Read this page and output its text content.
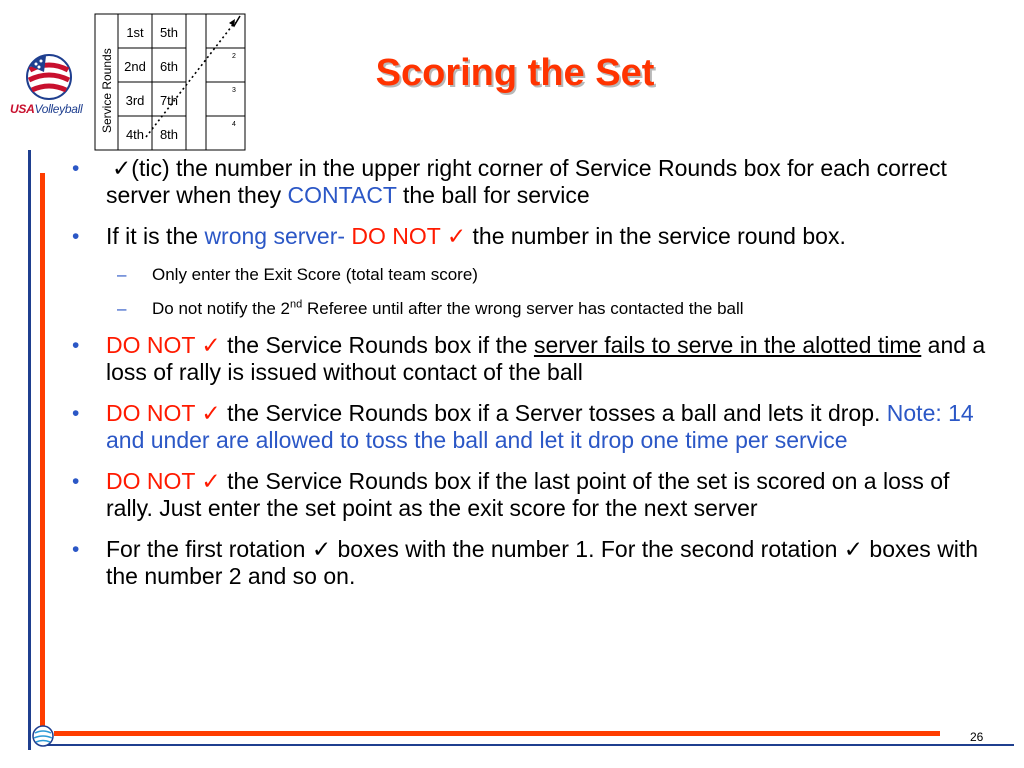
USAVolleyball Service Rounds
1st 5th
2nd 6th
3rd 7th
4th 8th
2
3
4
Scoring the Set
26
• ✓(tic) the number in the upper right corner of Service Rounds box for each correct server when they CONTACT the ball for service
• If it is the wrong server- DO NOT ✓ the number in the service round box.
– Only enter the Exit Score (total team score)
– Do not notify the 2nd Referee until after the wrong server has contacted the ball
• DO NOT ✓ the Service Rounds box if the server fails to serve in the alotted time and a loss of rally is issued without contact of the ball
• DO NOT ✓ the Service Rounds box if a Server tosses a ball and lets it drop. Note: 14 and under are allowed to toss the ball and let it drop one time per service
• DO NOT ✓ the Service Rounds box if the last point of the set is scored on a loss of rally. Just enter the set point as the exit score for the next server
• For the first rotation ✓ boxes with the number 1. For the second rotation ✓ boxes with the number 2 and so on.
